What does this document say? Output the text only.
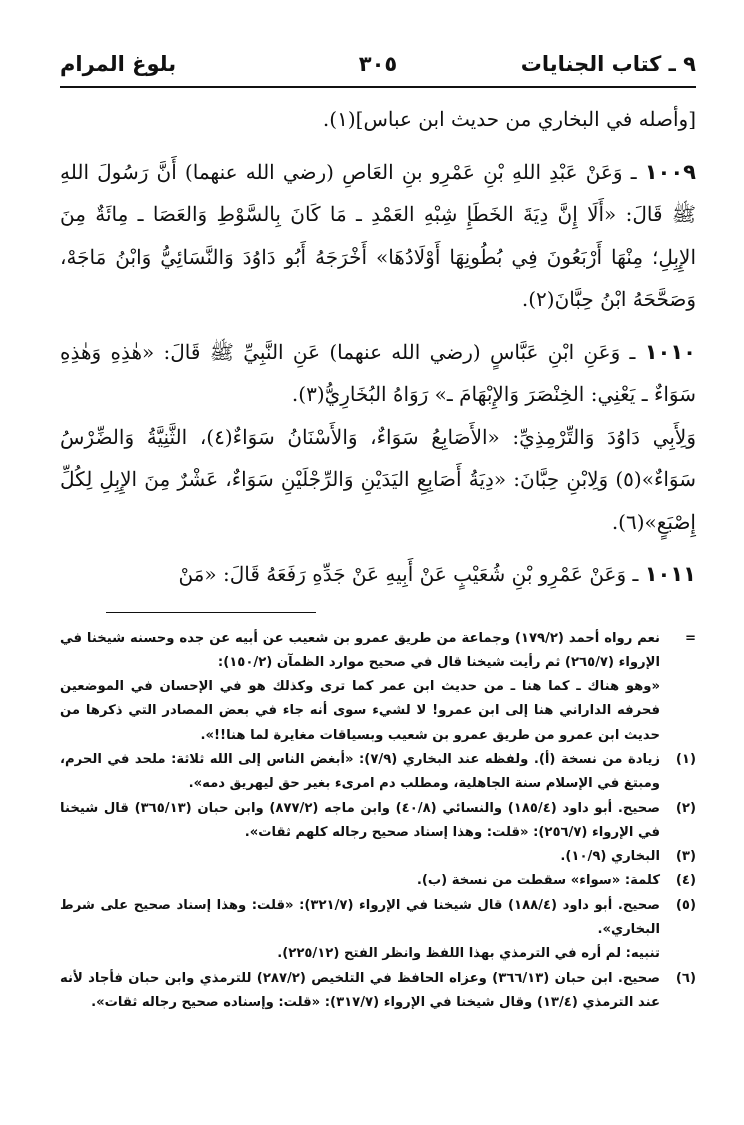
٩ ـ كتاب الجنايات
٣٠٥
بلوغ المرام

[وأصله في البخاري من حديث ابن عباس](١).

١٠٠٩ ـ وَعَنْ عَبْدِ اللهِ بْنِ عَمْرِو بنِ العَاصِ (رضي الله عنهما) أَنَّ رَسُولَ اللهِ ﷺ قَالَ: «أَلَا إِنَّ دِيَةَ الخَطَإِ شِبْهِ العَمْدِ ـ مَا كَانَ بِالسَّوْطِ وَالعَصَا ـ مِائَةٌ مِنَ الإِبِلِ؛ مِنْهَا أَرْبَعُونَ فِي بُطُونِهَا أَوْلَادُهَا» أَخْرَجَهُ أَبُو دَاوُدَ وَالنَّسَائِيُّ وَابْنُ مَاجَهْ، وَصَحَّحَهُ ابْنُ حِبَّانَ(٢).

١٠١٠ ـ وَعَنِ ابْنِ عَبَّاسٍ (رضي الله عنهما) عَنِ النَّبِيِّ ﷺ قَالَ: «هٰذِهِ وَهٰذِهِ سَوَاءٌ ـ يَعْنِي: الخِنْصَرَ وَالإِبْهَامَ ـ» رَوَاهُ البُخَارِيُّ(٣).

وَلِأَبِي دَاوُدَ وَالتِّرْمِذِيِّ: «الأَصَابِعُ سَوَاءٌ، وَالأَسْنَانُ سَوَاءٌ(٤)، الثَّنِيَّةُ وَالضِّرْسُ سَوَاءٌ»(٥) وَلِابْنِ حِبَّانَ: «دِيَةُ أَصَابِعِ اليَدَيْنِ وَالرِّجْلَيْنِ سَوَاءٌ، عَشْرٌ مِنَ الإِبِلِ لِكُلِّ إِصْبَعٍ»(٦).

١٠١١ ـ وَعَنْ عَمْرِو بْنِ شُعَيْبٍ عَنْ أَبِيهِ عَنْ جَدِّهِ رَفَعَهُ قَالَ: «مَنْ

=
نعم رواه أحمد (١٧٩/٢) وجماعة من طريق عمرو بن شعيب عن أبيه عن جده وحسنه شيخنا في الإرواء (٢٦٥/٧) ثم رأيت شيخنا قال في صحيح موارد الظمآن (١٥٠/٢):
«وهو هناك ـ كما هنا ـ من حديث ابن عمر كما ترى وكذلك هو في الإحسان في الموضعين فحرفه الداراني هنا إلى ابن عمرو! لا لشيء سوى أنه جاء في بعض المصادر التي ذكرها من حديث ابن عمرو من طريق عمرو بن شعيب وبسياقات مغايرة لما هنا!!».
(١)
زيادة من نسخة (أ). ولفظه عند البخاري (٧/٩): «أبغض الناس إلى الله ثلاثة: ملحد في الحرم، ومبتغ في الإسلام سنة الجاهلية، ومطلب دم امرىء بغير حق ليهريق دمه».
(٢)
صحيح. أبو داود (١٨٥/٤) والنسائي (٤٠/٨) وابن ماجه (٨٧٧/٢) وابن حبان (٣٦٥/١٣) قال شيخنا في الإرواء (٢٥٦/٧): «قلت: وهذا إسناد صحيح رجاله كلهم ثقات».
(٣)
البخاري (١٠/٩).
(٤)
كلمة: «سواء» سقطت من نسخة (ب).
(٥)
صحيح. أبو داود (١٨٨/٤) قال شيخنا في الإرواء (٣٢١/٧): «قلت: وهذا إسناد صحيح على شرط البخاري».
تنبيه: لم أره في الترمذي بهذا اللفظ وانظر الفتح (٢٢٥/١٢).
(٦)
صحيح. ابن حبان (٣٦٦/١٣) وعزاه الحافظ في التلخيص (٢٨٧/٢) للترمذي وابن حبان فأجاد لأنه عند الترمذي (١٣/٤) وقال شيخنا في الإرواء (٣١٧/٧): «قلت: وإسناده صحيح رجاله ثقات».
